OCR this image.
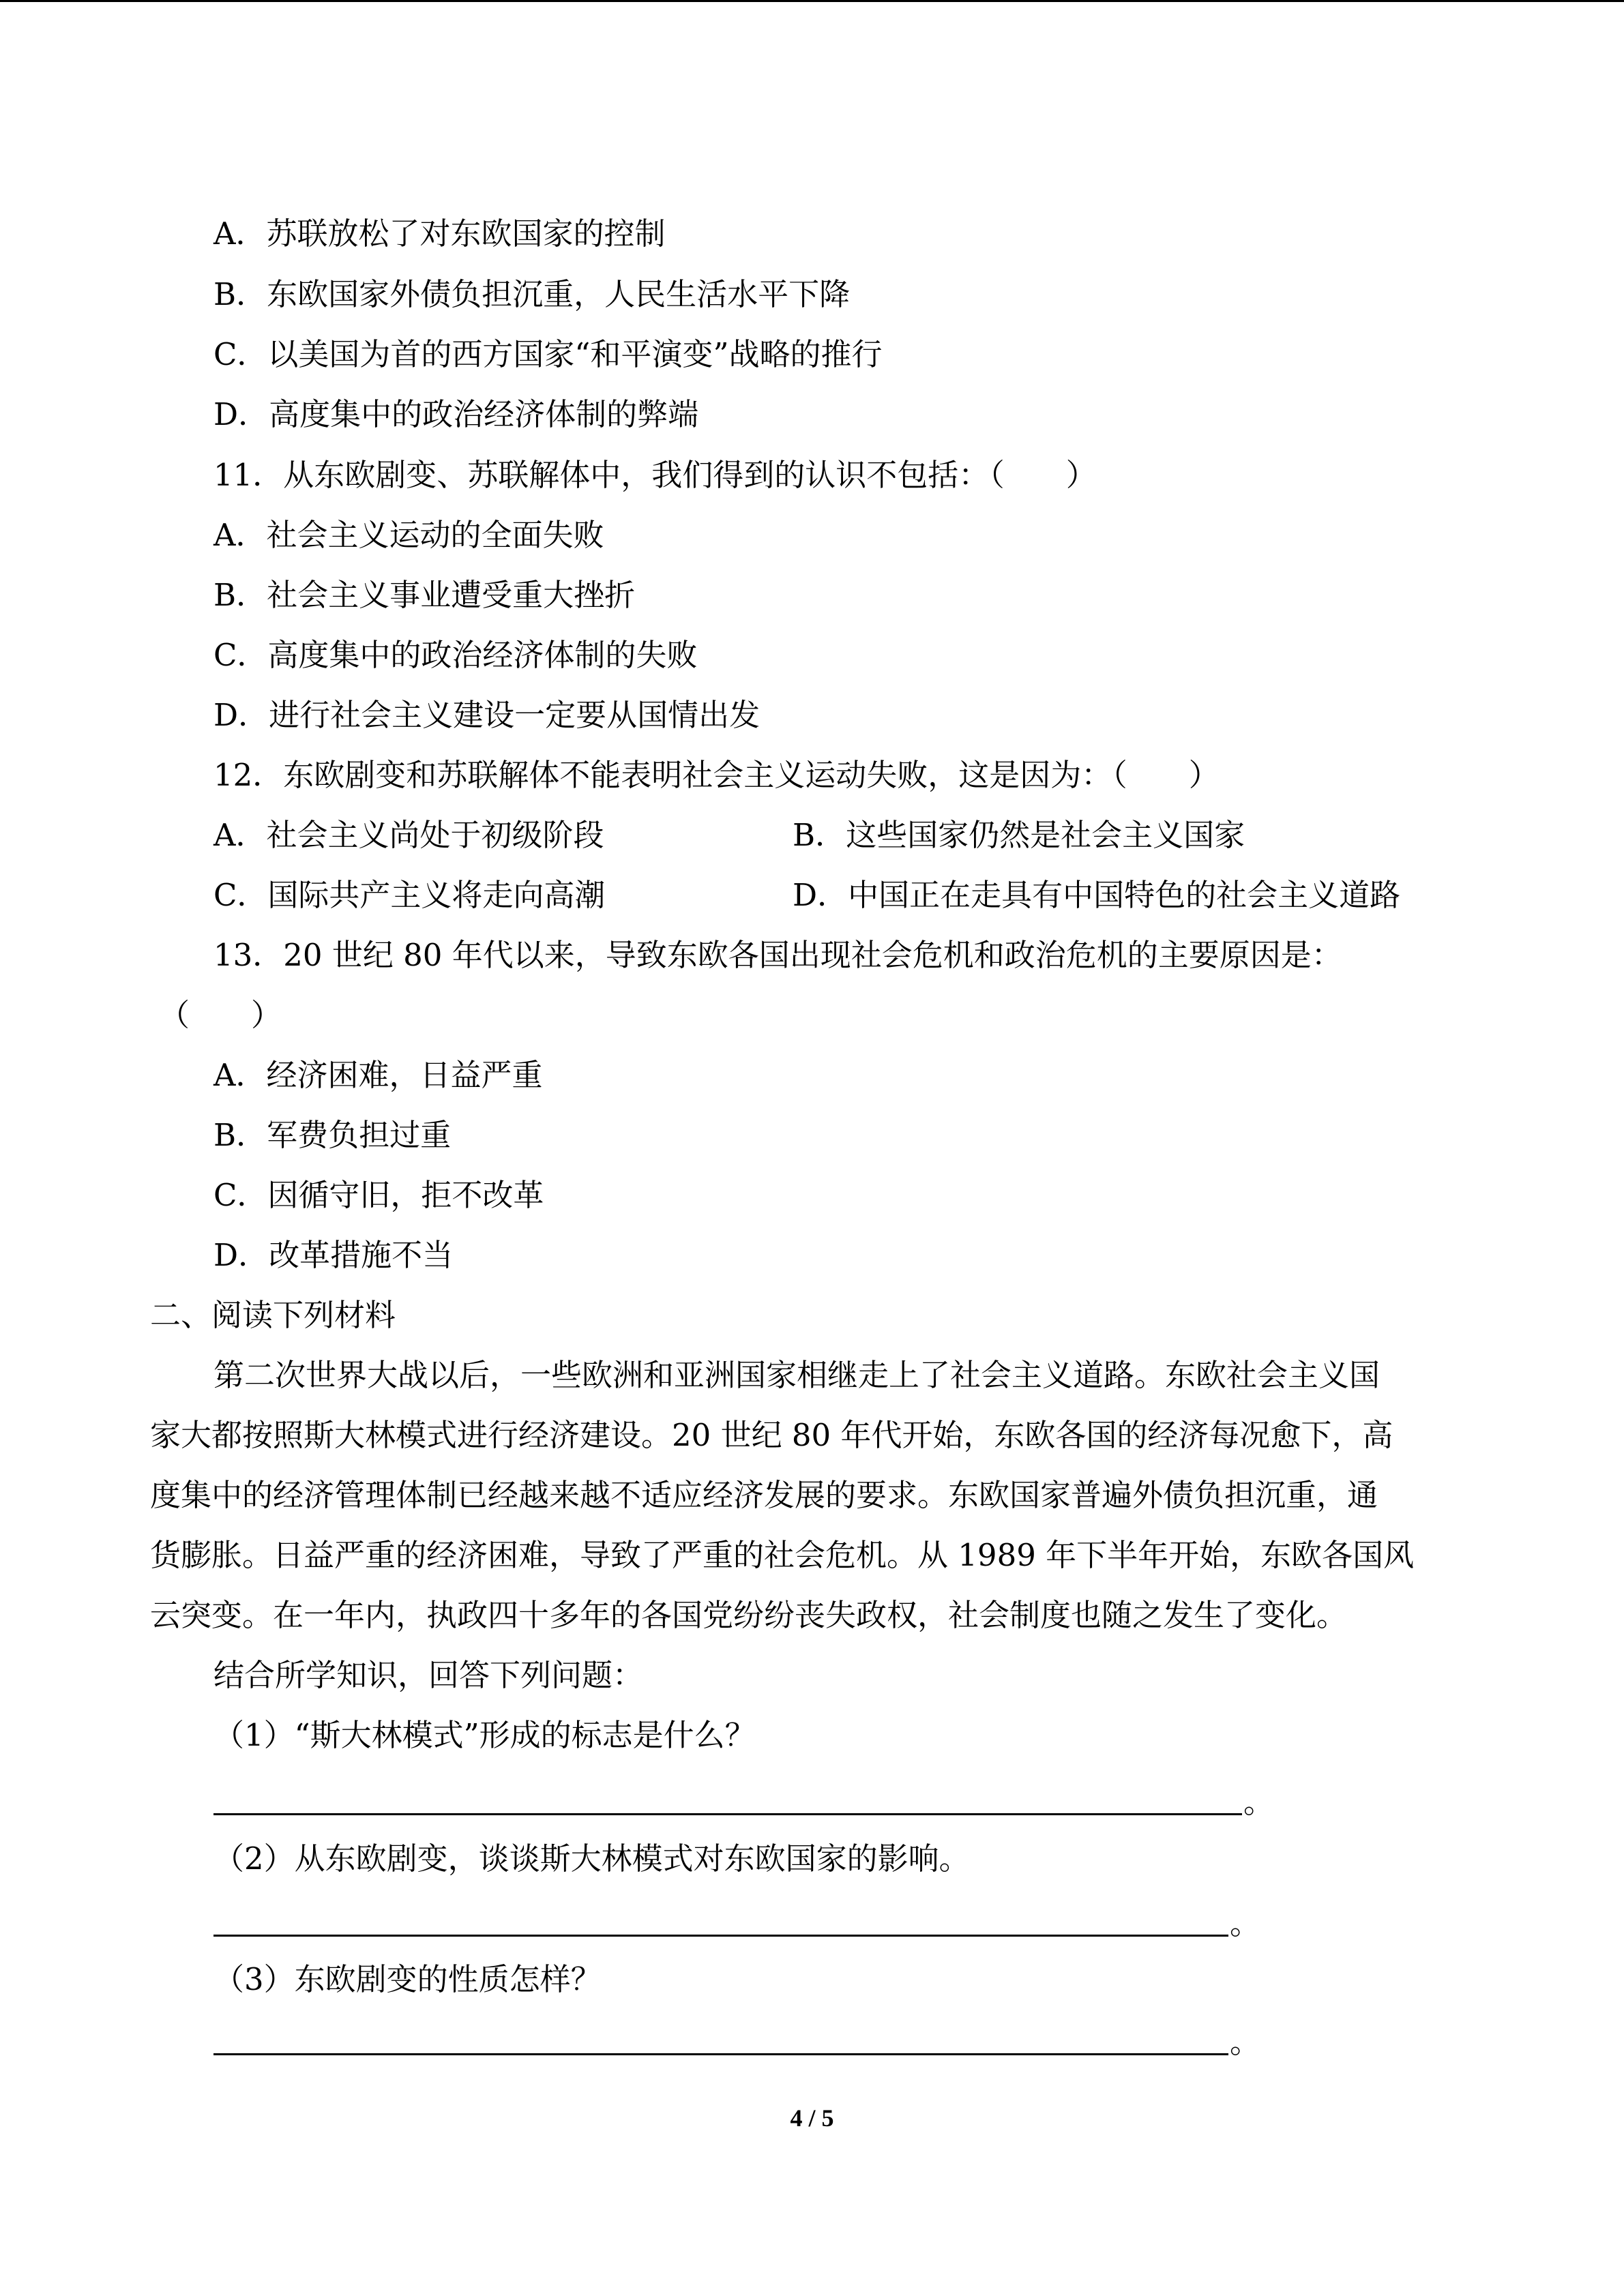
A．苏联放松了对东欧国家的控制
B．东欧国家外债负担沉重，人民生活水平下降
C．以美国为首的西方国家“和平演变”战略的推行
D．高度集中的政治经济体制的弊端
11．从东欧剧变、苏联解体中，我们得到的认识不包括：（　　）
A．社会主义运动的全面失败
B．社会主义事业遭受重大挫折
C．高度集中的政治经济体制的失败
D．进行社会主义建设一定要从国情出发
12．东欧剧变和苏联解体不能表明社会主义运动失败，这是因为：（　　）
A．社会主义尚处于初级阶段	B．这些国家仍然是社会主义国家
C．国际共产主义将走向高潮	D．中国正在走具有中国特色的社会主义道路
13．20 世纪 80 年代以来，导致东欧各国出现社会危机和政治危机的主要原因是：
（　　）
A．经济困难，日益严重
B．军费负担过重
C．因循守旧，拒不改革
D．改革措施不当
二、阅读下列材料
第二次世界大战以后，一些欧洲和亚洲国家相继走上了社会主义道路。东欧社会主义国
家大都按照斯大林模式进行经济建设。20 世纪 80 年代开始，东欧各国的经济每况愈下，高
度集中的经济管理体制已经越来越不适应经济发展的要求。东欧国家普遍外债负担沉重，通
货膨胀。日益严重的经济困难，导致了严重的社会危机。从 1989 年下半年开始，东欧各国风
云突变。在一年内，执政四十多年的各国党纷纷丧失政权，社会制度也随之发生了变化。
结合所学知识，回答下列问题：
（1）“斯大林模式”形成的标志是什么？
。
（2）从东欧剧变，谈谈斯大林模式对东欧国家的影响。
。
（3）东欧剧变的性质怎样？
。
4 / 5
